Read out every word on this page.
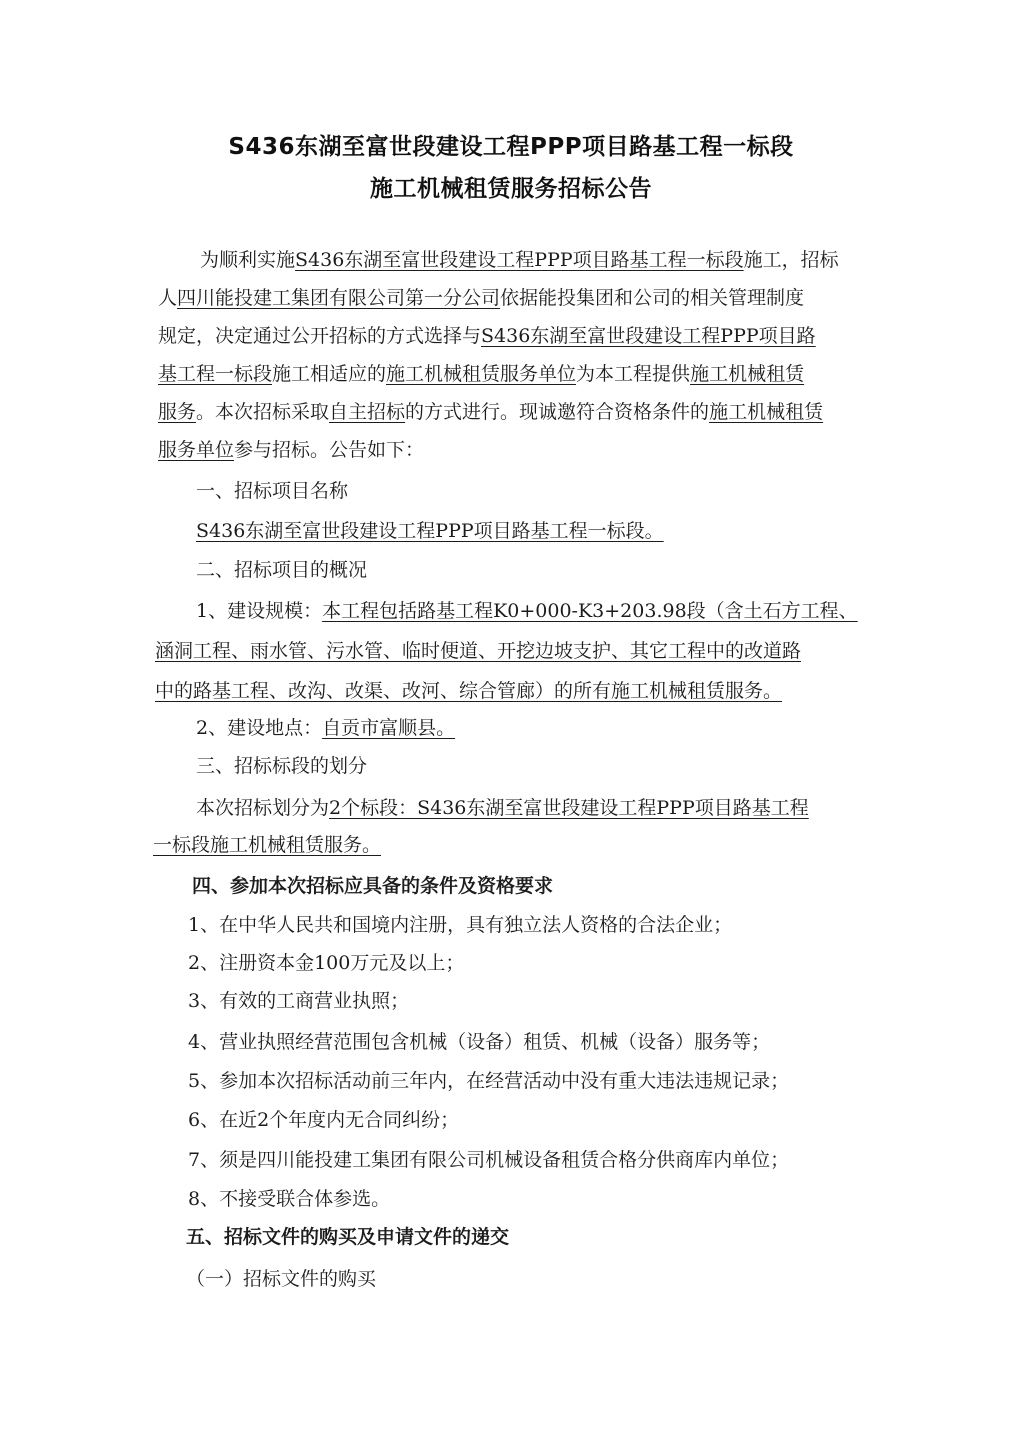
S436东湖至富世段建设工程PPP项目路基工程一标段
施工机械租赁服务招标公告
为顺利实施S436东湖至富世段建设工程PPP项目路基工程一标段施工，招标
人四川能投建工集团有限公司第一分公司依据能投集团和公司的相关管理制度
规定，决定通过公开招标的方式选择与S436东湖至富世段建设工程PPP项目路
基工程一标段施工相适应的施工机械租赁服务单位为本工程提供施工机械租赁
服务。本次招标采取自主招标的方式进行。现诚邀符合资格条件的施工机械租赁
服务单位参与招标。公告如下：
一、招标项目名称
S436东湖至富世段建设工程PPP项目路基工程一标段。
二、招标项目的概况
1、建设规模：本工程包括路基工程K0+000-K3+203.98段（含土石方工程、
涵洞工程、雨水管、污水管、临时便道、开挖边坡支护、其它工程中的改道路
中的路基工程、改沟、改渠、改河、综合管廊）的所有施工机械租赁服务。
2、建设地点：自贡市富顺县。
三、招标标段的划分
本次招标划分为2个标段：S436东湖至富世段建设工程PPP项目路基工程
一标段施工机械租赁服务。
四、参加本次招标应具备的条件及资格要求
1、在中华人民共和国境内注册，具有独立法人资格的合法企业；
2、注册资本金100万元及以上；
3、有效的工商营业执照；
4、营业执照经营范围包含机械（设备）租赁、机械（设备）服务等；
5、参加本次招标活动前三年内，在经营活动中没有重大违法违规记录；
6、在近2个年度内无合同纠纷；
7、须是四川能投建工集团有限公司机械设备租赁合格分供商库内单位；
8、不接受联合体参选。
五、招标文件的购买及申请文件的递交
（一）招标文件的购买
